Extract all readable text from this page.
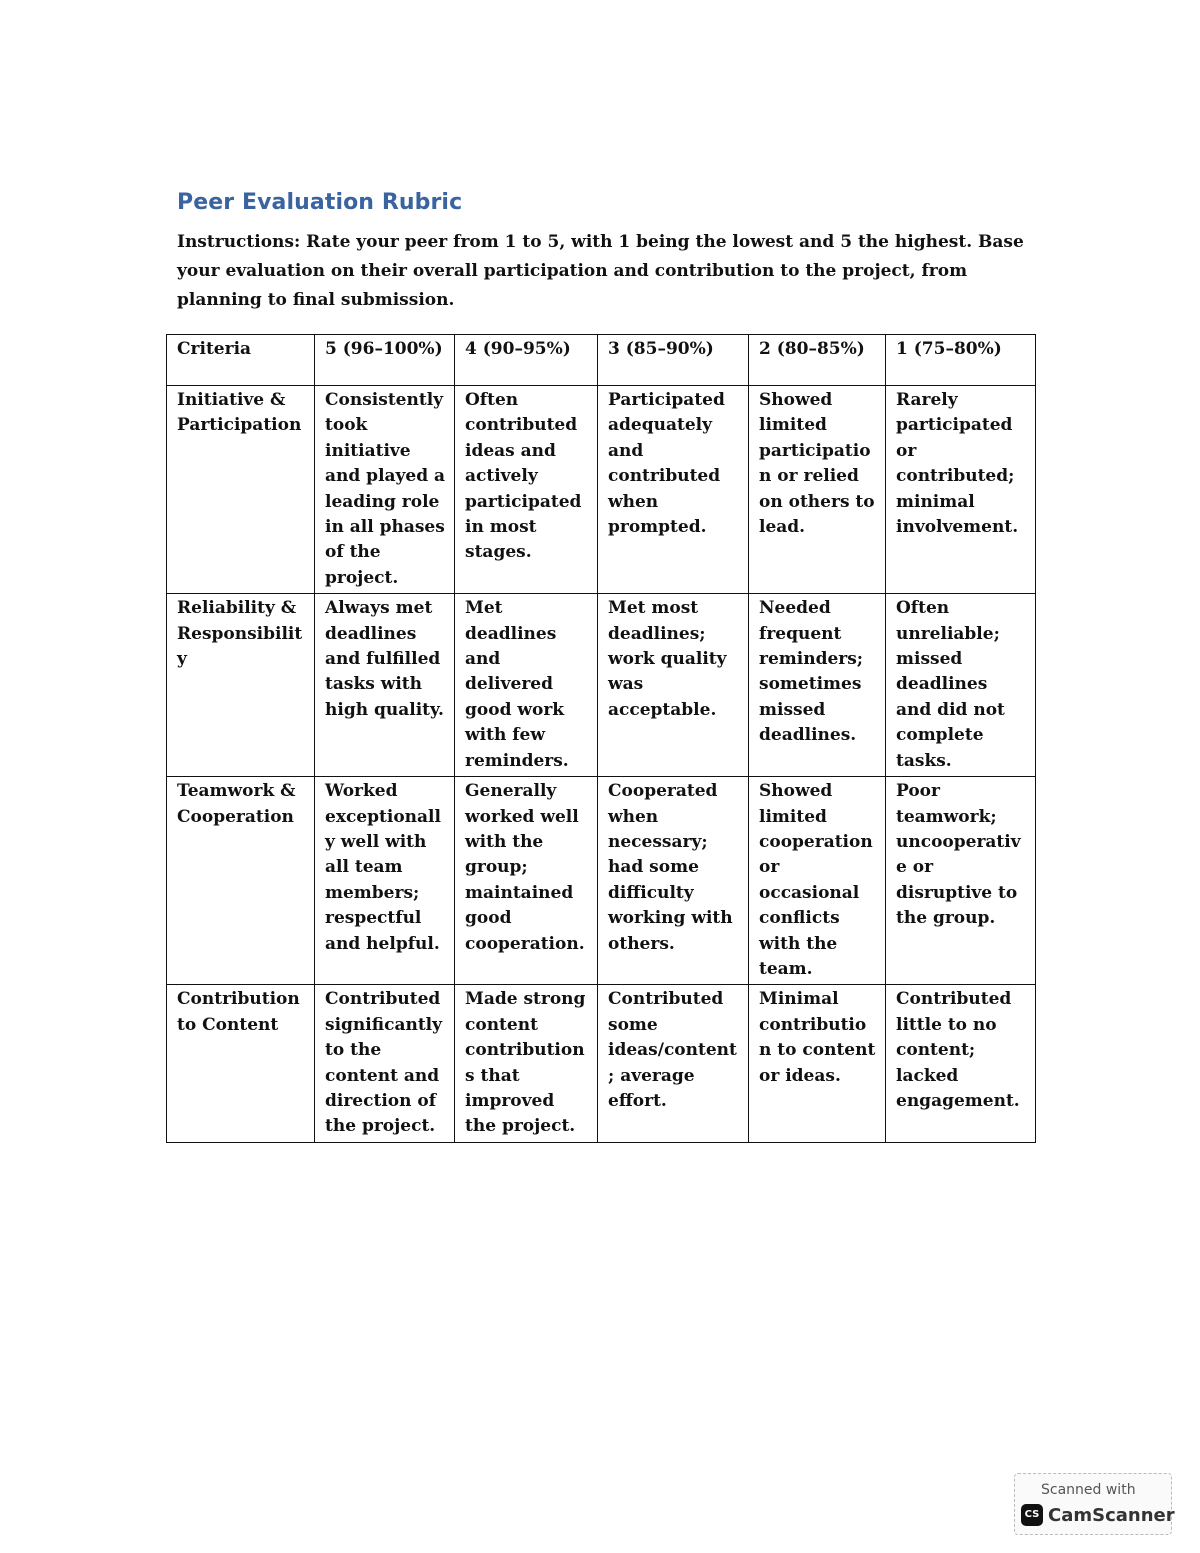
Peer Evaluation Rubric
Instructions: Rate your peer from 1 to 5, with 1 being the lowest and 5 the highest. Base your evaluation on their overall participation and contribution to the project, from planning to final submission.
Criteria	5 (96–100%)	4 (90–95%)	3 (85–90%)	2 (80–85%)	1 (75–80%)
Initiative & Participation	Consistently took initiative and played a leading role in all phases of the project.	Often contributed ideas and actively participated in most stages.	Participated adequately and contributed when prompted.	Showed limited participation or relied on others to lead.	Rarely participated or contributed; minimal involvement.
Reliability & Responsibility	Always met deadlines and fulfilled tasks with high quality.	Met deadlines and delivered good work with few reminders.	Met most deadlines; work quality was acceptable.	Needed frequent reminders; sometimes missed deadlines.	Often unreliable; missed deadlines and did not complete tasks.
Teamwork & Cooperation	Worked exceptionally well with all team members; respectful and helpful.	Generally worked well with the group; maintained good cooperation.	Cooperated when necessary; had some difficulty working with others.	Showed limited cooperation or occasional conflicts with the team.	Poor teamwork; uncooperative or disruptive to the group.
Contribution to Content	Contributed significantly to the content and direction of the project.	Made strong content contributions that improved the project.	Contributed some ideas/content; average effort.	Minimal contribution to content or ideas.	Contributed little to no content; lacked engagement.
Scanned with
CS CamScanner
